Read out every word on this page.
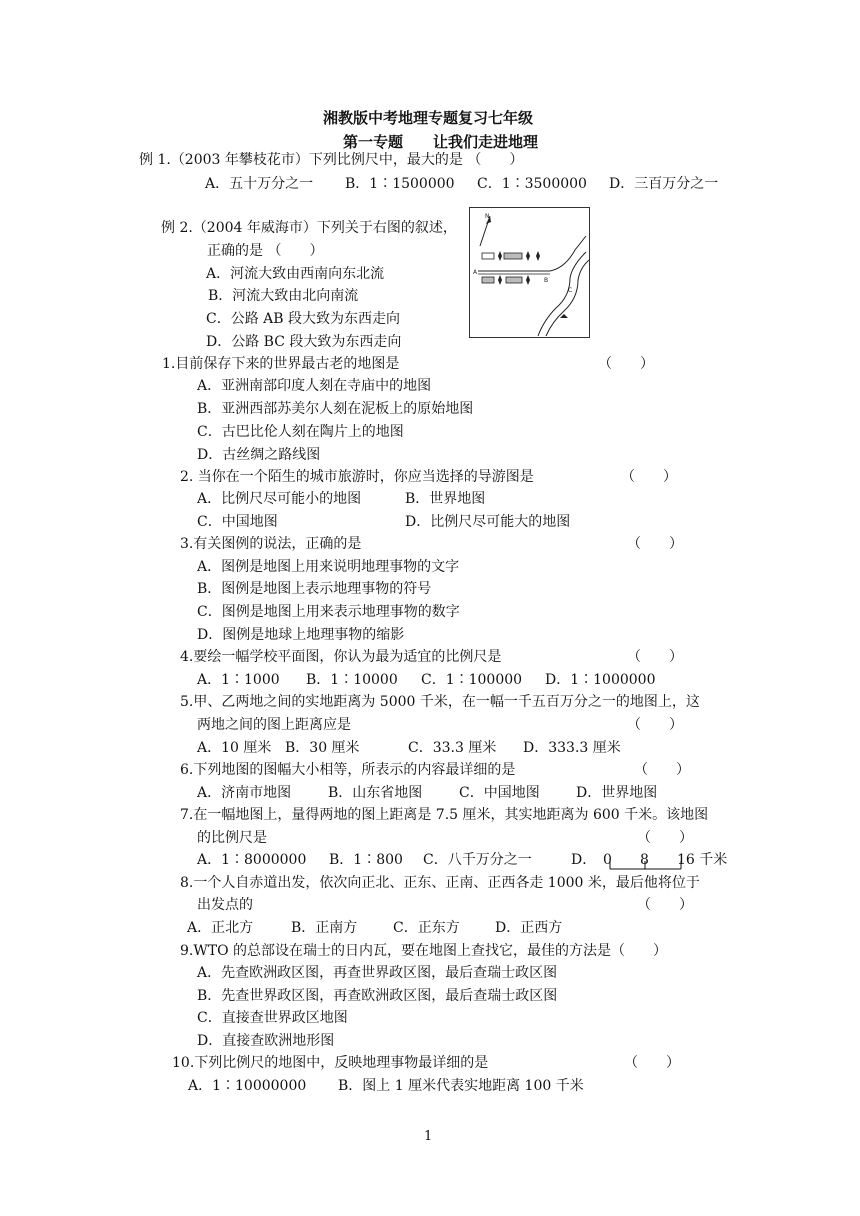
湘教版中考地理专题复习七年级
第一专题　　让我们走进地理
例 1.（2003 年攀枝花市）下列比例尺中，最大的是 （　　）
A．五十万分之一 B．1∶1500000 C．1∶3500000 D．三百万分之一
例 2.（2004 年威海市）下列关于右图的叙述，
正确的是 （　　）
A．河流大致由西南向东北流
B．河流大致由北向南流
C．公路 AB 段大致为东西走向
D．公路 BC 段大致为东西走向
N
A
B
C
1.目前保存下来的世界最古老的地图是	（　　）
A．亚洲南部印度人刻在寺庙中的地图
B．亚洲西部苏美尔人刻在泥板上的原始地图
C．古巴比伦人刻在陶片上的地图
D．古丝绸之路线图
2. 当你在一个陌生的城市旅游时，你应当选择的导游图是	（　　）
A．比例尺尽可能小的地图	B．世界地图
C．中国地图	D．比例尺尽可能大的地图
3.有关图例的说法，正确的是	（　　）
A．图例是地图上用来说明地理事物的文字
B．图例是地图上表示地理事物的符号
C．图例是地图上用来表示地理事物的数字
D．图例是地球上地理事物的缩影
4.要绘一幅学校平面图，你认为最为适宜的比例尺是	（　　）
A．1∶1000 B．1∶10000 C．1∶100000 D．1∶1000000
5.甲、乙两地之间的实地距离为 5000 千米，在一幅一千五百万分之一的地图上，这
两地之间的图上距离应是	（　　）
A．10 厘米 B．30 厘米	C．33.3 厘米 D．333.3 厘米
6.下列地图的图幅大小相等，所表示的内容最详细的是	（　　）
A．济南市地图	B．山东省地图	C．中国地图	D．世界地图
7.在一幅地图上，量得两地的图上距离是 7.5 厘米，其实地距离为 600 千米。该地图
的比例尺是	（　　）
A．1∶8000000 B．1∶800 C．八千万分之一	D． 0 8 16 千米
8.一个人自赤道出发，依次向正北、正东、正南、正西各走 1000 米，最后他将位于
出发点的	（　　）
A．正北方	B．正南方	C．正东方	D．正西方
9.WTO 的总部设在瑞士的日内瓦，要在地图上查找它，最佳的方法是（　　）
A．先查欧洲政区图，再查世界政区图，最后查瑞士政区图
B．先查世界政区图，再查欧洲政区图，最后查瑞士政区图
C．直接查世界政区地图
D．直接查欧洲地形图
10.下列比例尺的地图中，反映地理事物最详细的是	（　　）
A．1∶10000000 B．图上 1 厘米代表实地距离 100 千米
1
